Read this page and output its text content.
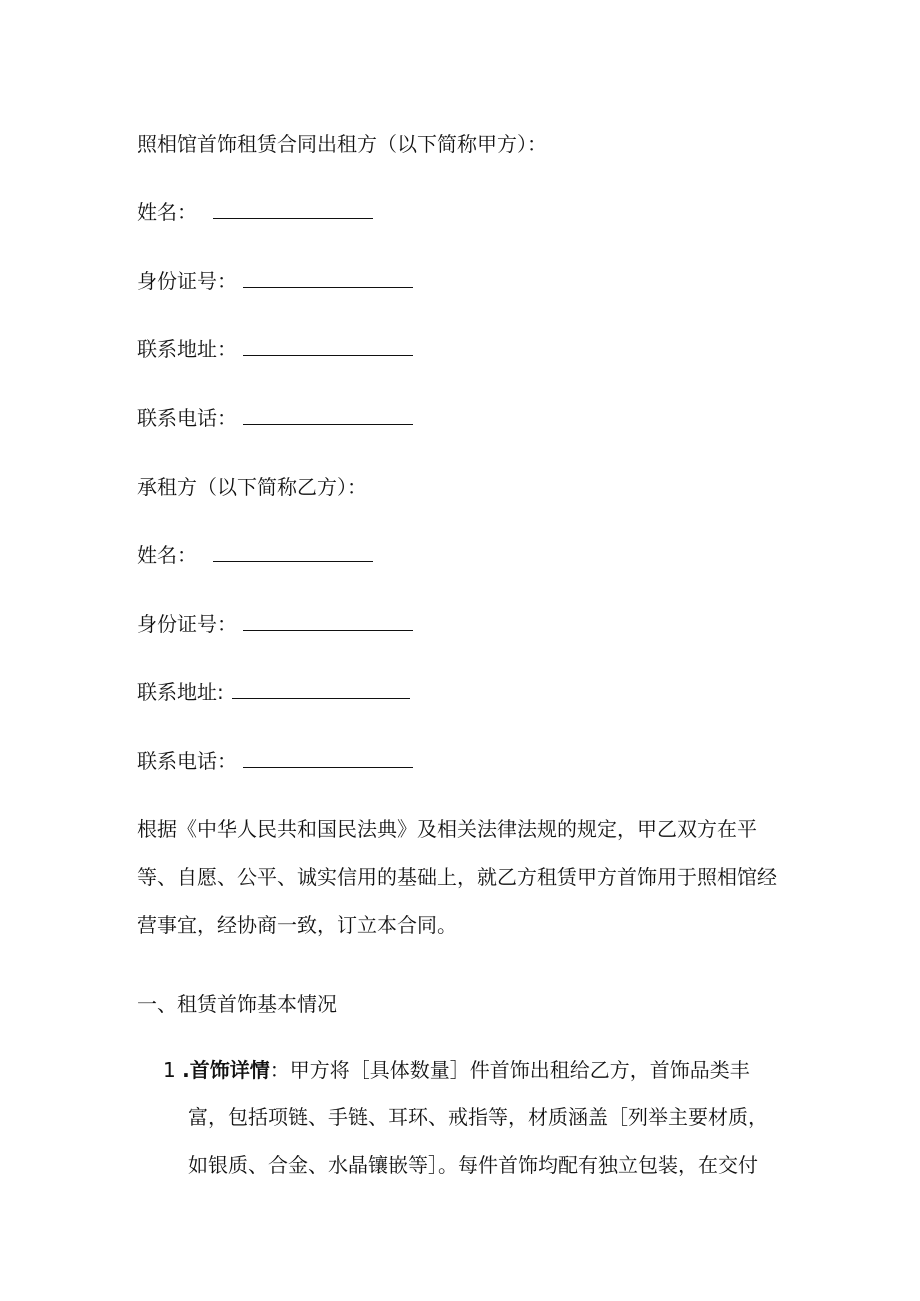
照相馆首饰租赁合同出租方（以下简称甲方）：
姓名：
身份证号：
联系地址：
联系电话：
承租方（以下简称乙方）：
姓名：
身份证号：
联系地址:
联系电话：
根据《中华人民共和国民法典》及相关法律法规的规定，甲乙双方在平
等、自愿、公平、诚实信用的基础上，就乙方租赁甲方首饰用于照相馆经
营事宜，经协商一致，订立本合同。
一、租赁首饰基本情况
1 .首饰详情：甲方将［具体数量］件首饰出租给乙方，首饰品类丰
富，包括项链、手链、耳环、戒指等，材质涵盖［列举主要材质，
如银质、合金、水晶镶嵌等］。每件首饰均配有独立包装，在交付
